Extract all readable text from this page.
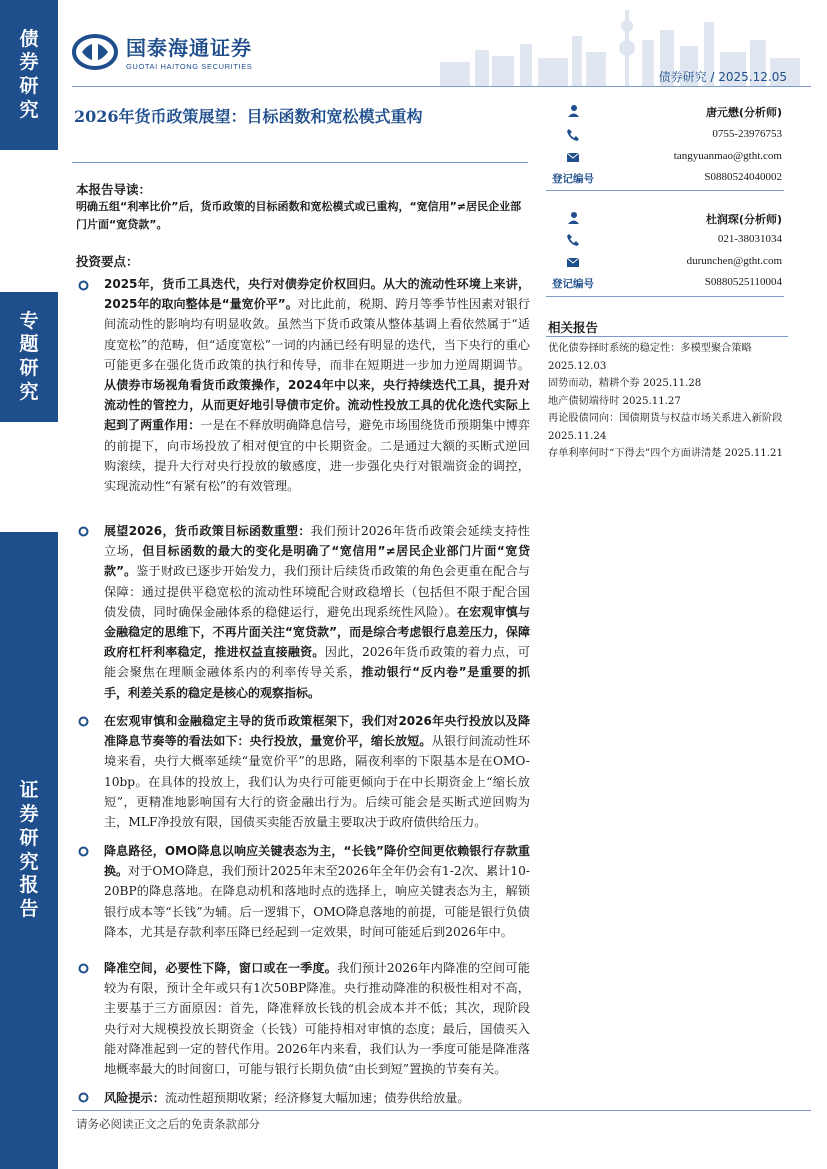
债
券
研
究
专
题
研
究
证
券
研
究
报
告
国泰海通证券
GUOTAI HAITONG SECURITIES
债券研究 / 2025.12.05
2026年货币政策展望：目标函数和宽松模式重构
本报告导读：
明确五组“利率比价”后，货币政策的目标函数和宽松模式或已重构，“宽信用”≠居民企业部门片面“宽贷款”。
投资要点：
2025年，货币工具迭代，央行对债券定价权回归。从大的流动性环境上来讲，2025年的取向整体是“量宽价平”。对比此前，税期、跨月等季节性因素对银行间流动性的影响均有明显收敛。虽然当下货币政策从整体基调上看依然属于“适度宽松”的范畴，但“适度宽松”一词的内涵已经有明显的迭代，当下央行的重心可能更多在强化货币政策的执行和传导，而非在短期进一步加力逆周期调节。从债券市场视角看货币政策操作，2024年中以来，央行持续迭代工具，提升对流动性的管控力，从而更好地引导债市定价。流动性投放工具的优化迭代实际上起到了两重作用：一是在不释放明确降息信号，避免市场围绕货币预期集中博弈的前提下，向市场投放了相对便宜的中长期资金。二是通过大额的买断式逆回购滚续，提升大行对央行投放的敏感度，进一步强化央行对银端资金的调控，实现流动性“有紧有松”的有效管理。
展望2026，货币政策目标函数重塑：我们预计2026年货币政策会延续支持性立场，但目标函数的最大的变化是明确了“宽信用”≠居民企业部门片面“宽贷款”。鉴于财政已逐步开始发力，我们预计后续货币政策的角色会更重在配合与保障：通过提供平稳宽松的流动性环境配合财政稳增长（包括但不限于配合国债发债，同时确保金融体系的稳健运行，避免出现系统性风险）。在宏观审慎与金融稳定的思维下，不再片面关注“宽贷款”，而是综合考虑银行息差压力，保障政府杠杆利率稳定，推进权益直接融资。因此，2026年货币政策的着力点，可能会聚焦在理顺金融体系内的利率传导关系，推动银行“反内卷”是重要的抓手，利差关系的稳定是核心的观察指标。
在宏观审慎和金融稳定主导的货币政策框架下，我们对2026年央行投放以及降准降息节奏等的看法如下：央行投放，量宽价平，缩长放短。从银行间流动性环境来看，央行大概率延续“量宽价平”的思路，隔夜利率的下限基本是在OMO-10bp。在具体的投放上，我们认为央行可能更倾向于在中长期资金上“缩长放短”，更精准地影响国有大行的资金融出行为。后续可能会是买断式逆回购为主，MLF净投放有限，国债买卖能否放量主要取决于政府债供给压力。
降息路径，OMO降息以响应关键表态为主，“长钱”降价空间更依赖银行存款重换。对于OMO降息，我们预计2025年末至2026年全年仍会有1-2次、累计10-20BP的降息落地。在降息动机和落地时点的选择上，响应关键表态为主，解锁银行成本等“长钱”为辅。后一逻辑下，OMO降息落地的前提，可能是银行负债降本，尤其是存款利率压降已经起到一定效果，时间可能延后到2026年中。
降准空间，必要性下降，窗口或在一季度。我们预计2026年内降准的空间可能较为有限，预计全年或只有1次50BP降准。央行推动降准的积极性相对不高，主要基于三方面原因：首先，降准释放长钱的机会成本并不低；其次，现阶段央行对大规模投放长期资金（长钱）可能持相对审慎的态度；最后，国债买入能对降准起到一定的替代作用。2026年内来看，我们认为一季度可能是降准落地概率最大的时间窗口，可能与银行长期负债“由长到短”置换的节奏有关。
风险提示：流动性超预期收紧；经济修复大幅加速；债券供给放量。
请务必阅读正文之后的免责条款部分
唐元懋(分析师)
0755-23976753
tangyuanmao@gtht.com
登记编号	S0880524040002
杜润琛(分析师)
021-38031034
durunchen@gtht.com
登记编号	S0880525110004
相关报告
优化债券择时系统的稳定性：多模型聚合策略 2025.12.03
固势而动，精耕个券 2025.11.28
地产债韧端待时 2025.11.27
再论股债同向：国债期货与权益市场关系进入新阶段 2025.11.24
存单利率何时“下得去”四个方面讲清楚 2025.11.21
